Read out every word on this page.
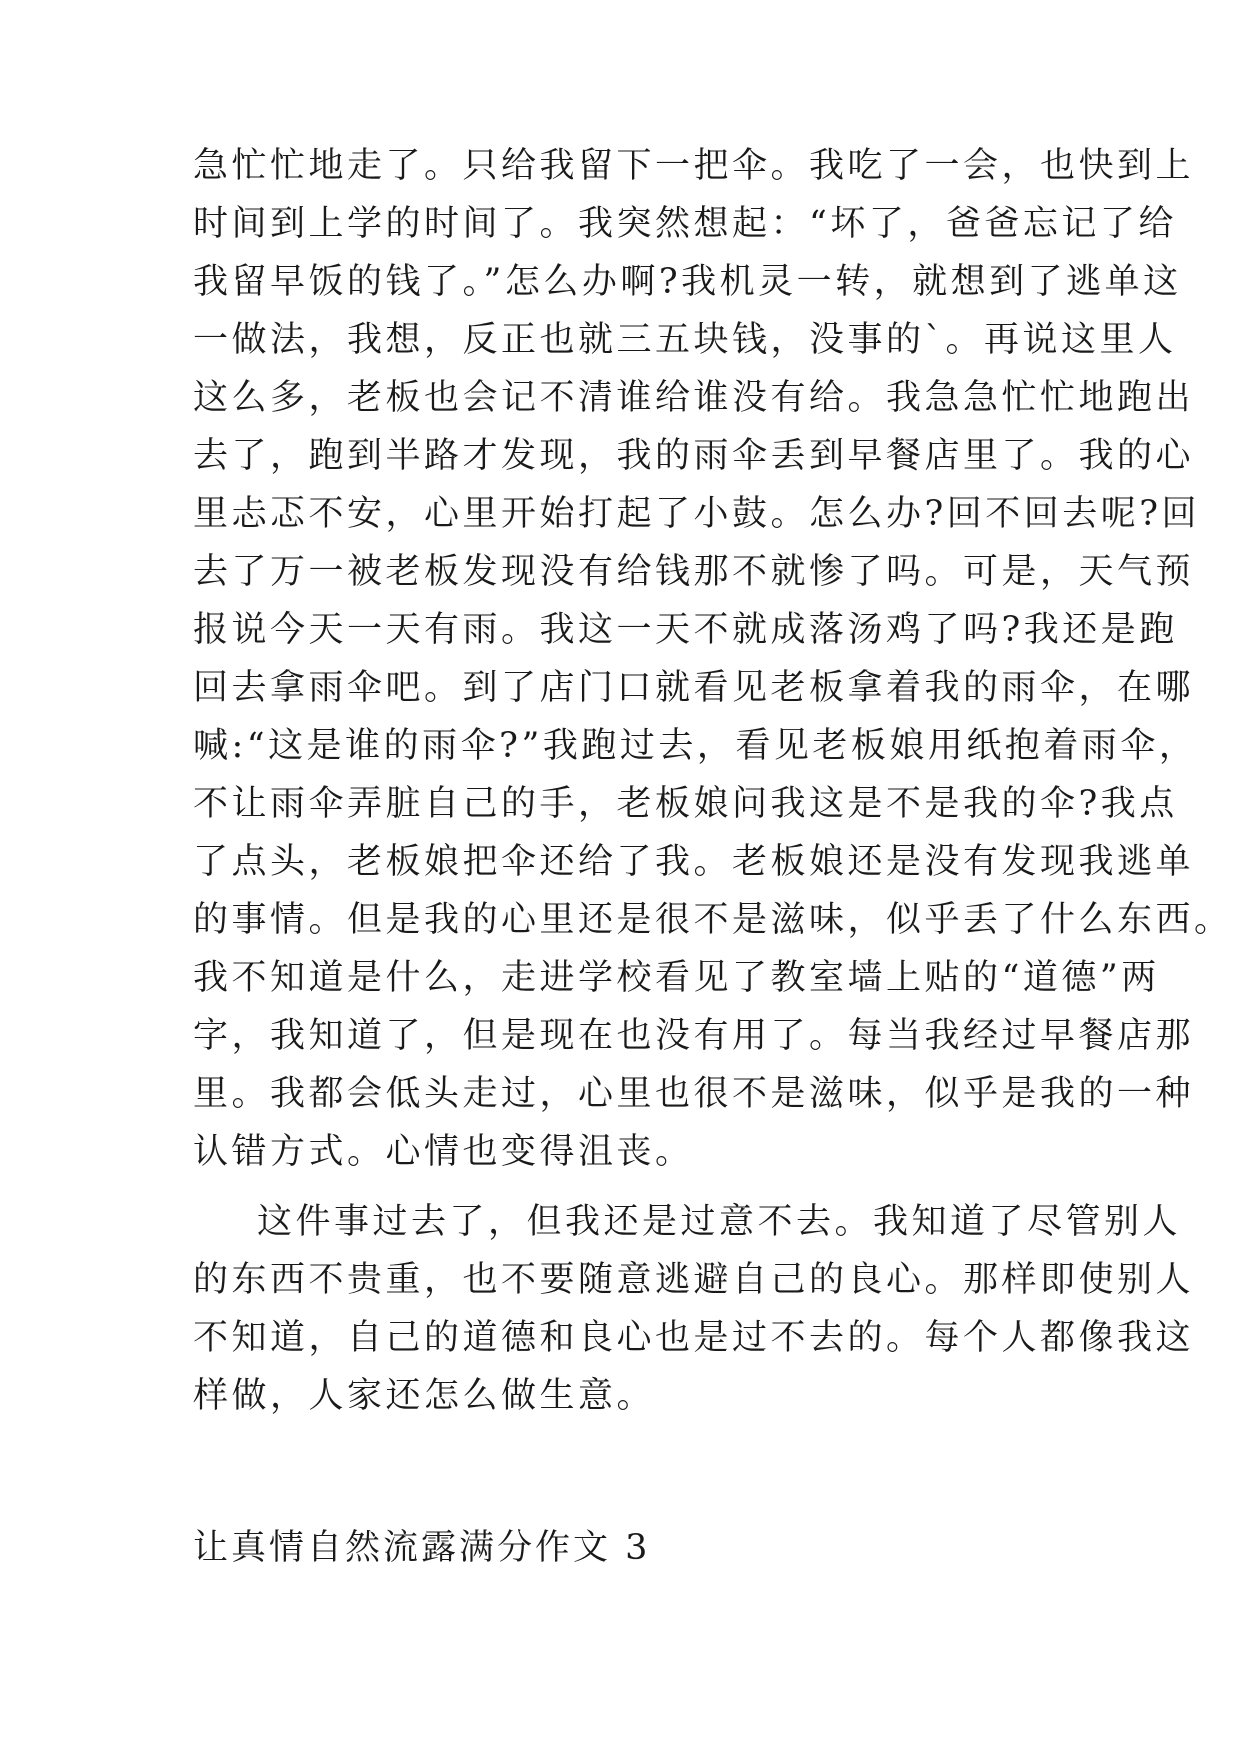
急忙忙地走了。只给我留下一把伞。我吃了一会，也快到上
时间到上学的时间了。我突然想起：“坏了，爸爸忘记了给
我留早饭的钱了。”怎么办啊?我机灵一转，就想到了逃单这
一做法，我想，反正也就三五块钱，没事的`。再说这里人
这么多，老板也会记不清谁给谁没有给。我急急忙忙地跑出
去了，跑到半路才发现，我的雨伞丢到早餐店里了。我的心
里忐忑不安，心里开始打起了小鼓。怎么办?回不回去呢?回
去了万一被老板发现没有给钱那不就惨了吗。可是，天气预
报说今天一天有雨。我这一天不就成落汤鸡了吗?我还是跑
回去拿雨伞吧。到了店门口就看见老板拿着我的雨伞，在哪
喊:“这是谁的雨伞?”我跑过去，看见老板娘用纸抱着雨伞，
不让雨伞弄脏自己的手，老板娘问我这是不是我的伞?我点
了点头，老板娘把伞还给了我。老板娘还是没有发现我逃单
的事情。但是我的心里还是很不是滋味，似乎丢了什么东西。
我不知道是什么，走进学校看见了教室墙上贴的“道德”两
字，我知道了，但是现在也没有用了。每当我经过早餐店那
里。我都会低头走过，心里也很不是滋味，似乎是我的一种
认错方式。心情也变得沮丧。
这件事过去了，但我还是过意不去。我知道了尽管别人
的东西不贵重，也不要随意逃避自己的良心。那样即使别人
不知道，自己的道德和良心也是过不去的。每个人都像我这
样做，人家还怎么做生意。
让真情自然流露满分作文 3
